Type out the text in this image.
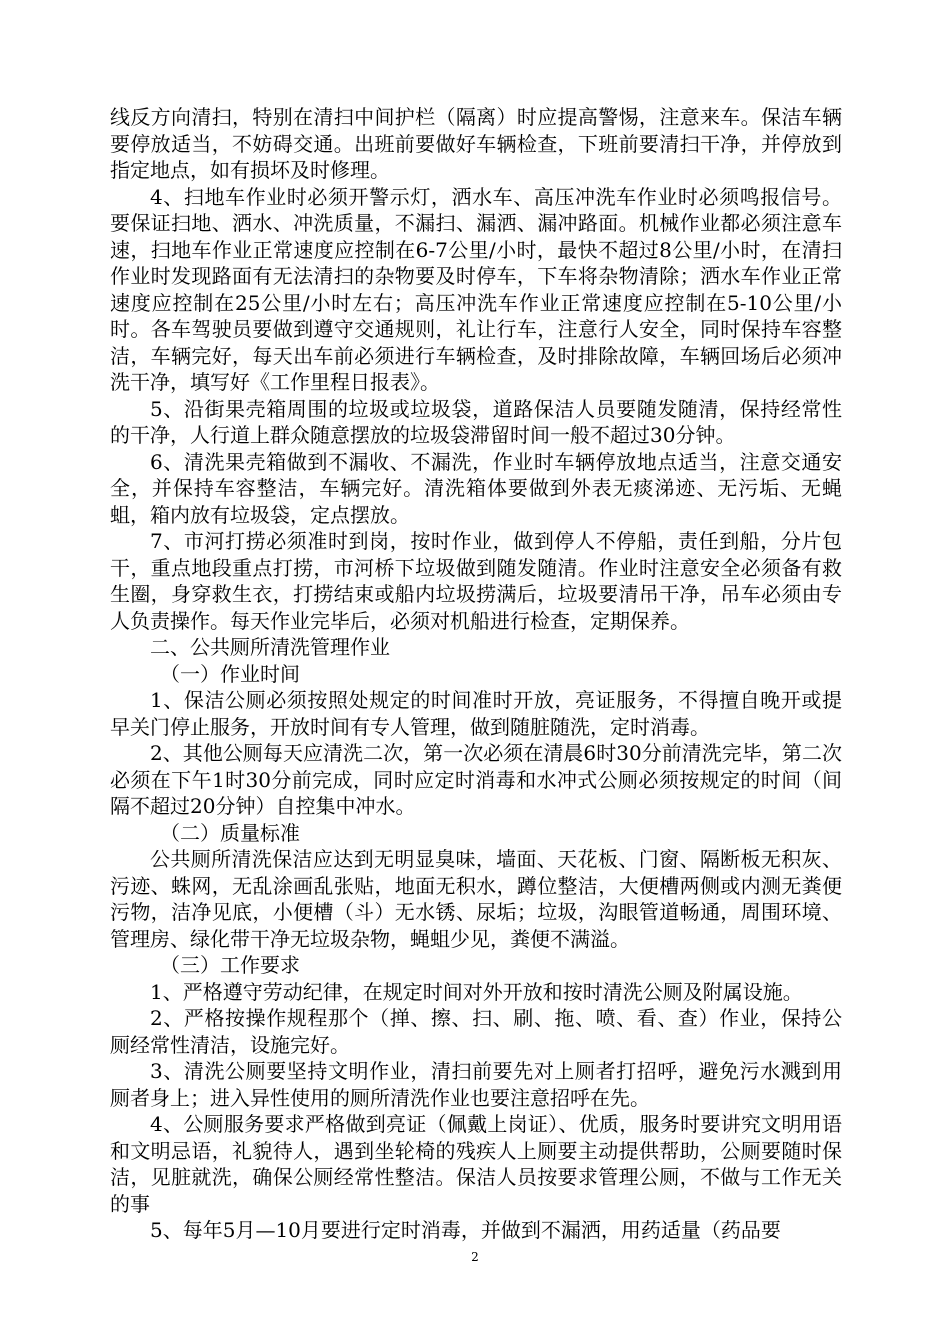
线反方向清扫，特别在清扫中间护栏（隔离）时应提高警惕，注意来车。保洁车辆要停放适当，不妨碍交通。出班前要做好车辆检查，下班前要清扫干净，并停放到指定地点，如有损坏及时修理。

4、扫地车作业时必须开警示灯，洒水车、高压冲洗车作业时必须鸣报信号。要保证扫地、洒水、冲洗质量，不漏扫、漏洒、漏冲路面。机械作业都必须注意车速，扫地车作业正常速度应控制在6-7公里/小时，最快不超过8公里/小时，在清扫作业时发现路面有无法清扫的杂物要及时停车，下车将杂物清除；洒水车作业正常速度应控制在25公里/小时左右；高压冲洗车作业正常速度应控制在5-10公里/小时。各车驾驶员要做到遵守交通规则，礼让行车，注意行人安全，同时保持车容整洁，车辆完好，每天出车前必须进行车辆检查，及时排除故障，车辆回场后必须冲洗干净，填写好《工作里程日报表》。

5、沿街果壳箱周围的垃圾或垃圾袋，道路保洁人员要随发随清，保持经常性的干净，人行道上群众随意摆放的垃圾袋滞留时间一般不超过30分钟。

6、清洗果壳箱做到不漏收、不漏洗，作业时车辆停放地点适当，注意交通安全，并保持车容整洁，车辆完好。清洗箱体要做到外表无痰涕迹、无污垢、无蝇蛆，箱内放有垃圾袋，定点摆放。

7、市河打捞必须准时到岗，按时作业，做到停人不停船，责任到船，分片包干，重点地段重点打捞，市河桥下垃圾做到随发随清。作业时注意安全必须备有救生圈，身穿救生衣，打捞结束或船内垃圾捞满后，垃圾要清吊干净，吊车必须由专人负责操作。每天作业完毕后，必须对机船进行检查，定期保养。

二、公共厕所清洗管理作业

（一）作业时间

1、保洁公厕必须按照处规定的时间准时开放，亮证服务，不得擅自晚开或提早关门停止服务，开放时间有专人管理，做到随脏随洗，定时消毒。

2、其他公厕每天应清洗二次，第一次必须在清晨6时30分前清洗完毕，第二次必须在下午1时30分前完成，同时应定时消毒和水冲式公厕必须按规定的时间（间隔不超过20分钟）自控集中冲水。

（二）质量标准

公共厕所清洗保洁应达到无明显臭味，墙面、天花板、门窗、隔断板无积灰、污迹、蛛网，无乱涂画乱张贴，地面无积水，蹲位整洁，大便槽两侧或内测无粪便污物，洁净见底，小便槽（斗）无水锈、尿垢；垃圾，沟眼管道畅通，周围环境、管理房、绿化带干净无垃圾杂物，蝇蛆少见，粪便不满溢。

（三）工作要求

1、严格遵守劳动纪律，在规定时间对外开放和按时清洗公厕及附属设施。

2、严格按操作规程那个（掸、擦、扫、刷、拖、喷、看、查）作业，保持公厕经常性清洁，设施完好。

3、清洗公厕要坚持文明作业，清扫前要先对上厕者打招呼，避免污水溅到用厕者身上；进入异性使用的厕所清洗作业也要注意招呼在先。

4、公厕服务要求严格做到亮证（佩戴上岗证）、优质，服务时要讲究文明用语和文明忌语，礼貌待人，遇到坐轮椅的残疾人上厕要主动提供帮助，公厕要随时保洁，见脏就洗，确保公厕经常性整洁。保洁人员按要求管理公厕，不做与工作无关的事

5、每年5月—10月要进行定时消毒，并做到不漏洒，用药适量（药品要

2
